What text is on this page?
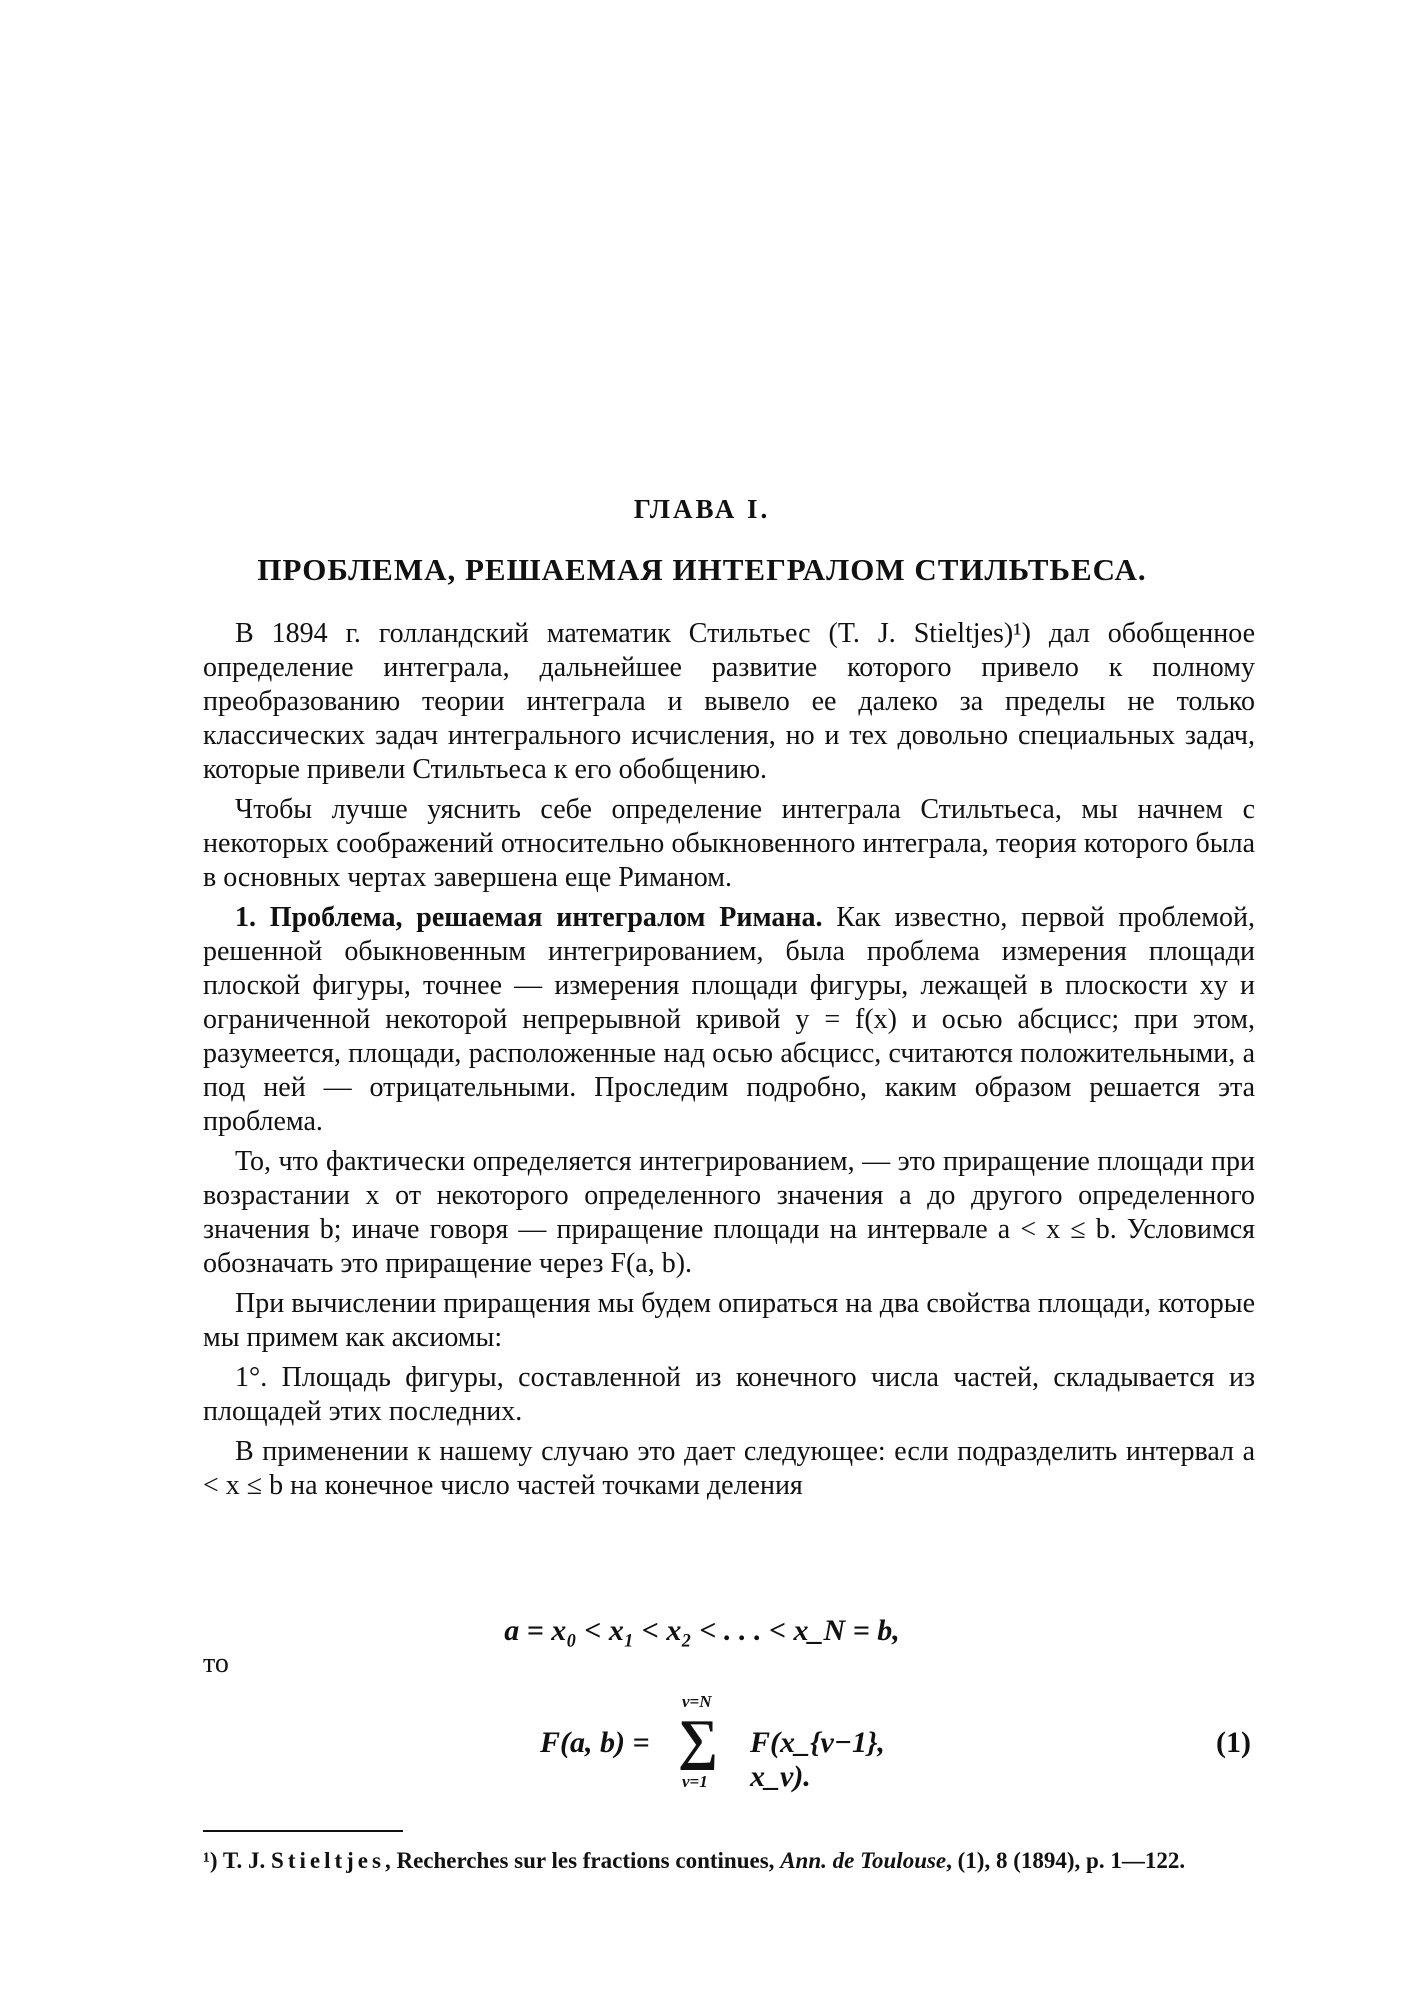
ГЛАВА I.
ПРОБЛЕМА, РЕШАЕМАЯ ИНТЕГРАЛОМ СТИЛЬТЬЕСА.

В 1894 г. голландский математик Стильтьес (T. J. Stieltjes)¹) дал обобщенное определение интеграла, дальнейшее развитие которого привело к полному преобразованию теории интеграла и вывело ее далеко за пределы не только классических задач интегрального исчисления, но и тех довольно специальных задач, которые привели Стильтьеса к его обобщению.

Чтобы лучше уяснить себе определение интеграла Стильтьеса, мы начнем с некоторых соображений относительно обыкновенного интеграла, теория которого была в основных чертах завершена еще Риманом.

1. Проблема, решаемая интегралом Римана. Как известно, первой проблемой, решенной обыкновенным интегрированием, была проблема измерения площади плоской фигуры, точнее — измерения площади фигуры, лежащей в плоскости xy и ограниченной некоторой непрерывной кривой y = f(x) и осью абсцисс; при этом, разумеется, площади, расположенные над осью абсцисс, считаются положительными, а под ней — отрицательными. Проследим подробно, каким образом решается эта проблема.

То, что фактически определяется интегрированием, — это приращение площади при возрастании x от некоторого определенного значения a до другого определенного значения b; иначе говоря — приращение площади на интервале a < x ≤ b. Условимся обозначать это приращение через F(a, b).

При вычислении приращения мы будем опираться на два свойства площади, которые мы примем как аксиомы:

1°. Площадь фигуры, составленной из конечного числа частей, складывается из площадей этих последних.

В применении к нашему случаю это дает следующее: если подразделить интервал a < x ≤ b на конечное число частей точками деления

a = x₀ < x₁ < x₂ < . . . < x_N = b,
то
F(a, b) =
ν=N
∑
ν=1
F(x_{ν−1}, x_ν).
(1)
¹) T. J. Stieltjes, Recherches sur les fractions continues, Ann. de Toulouse, (1), 8 (1894), p. 1—122.
